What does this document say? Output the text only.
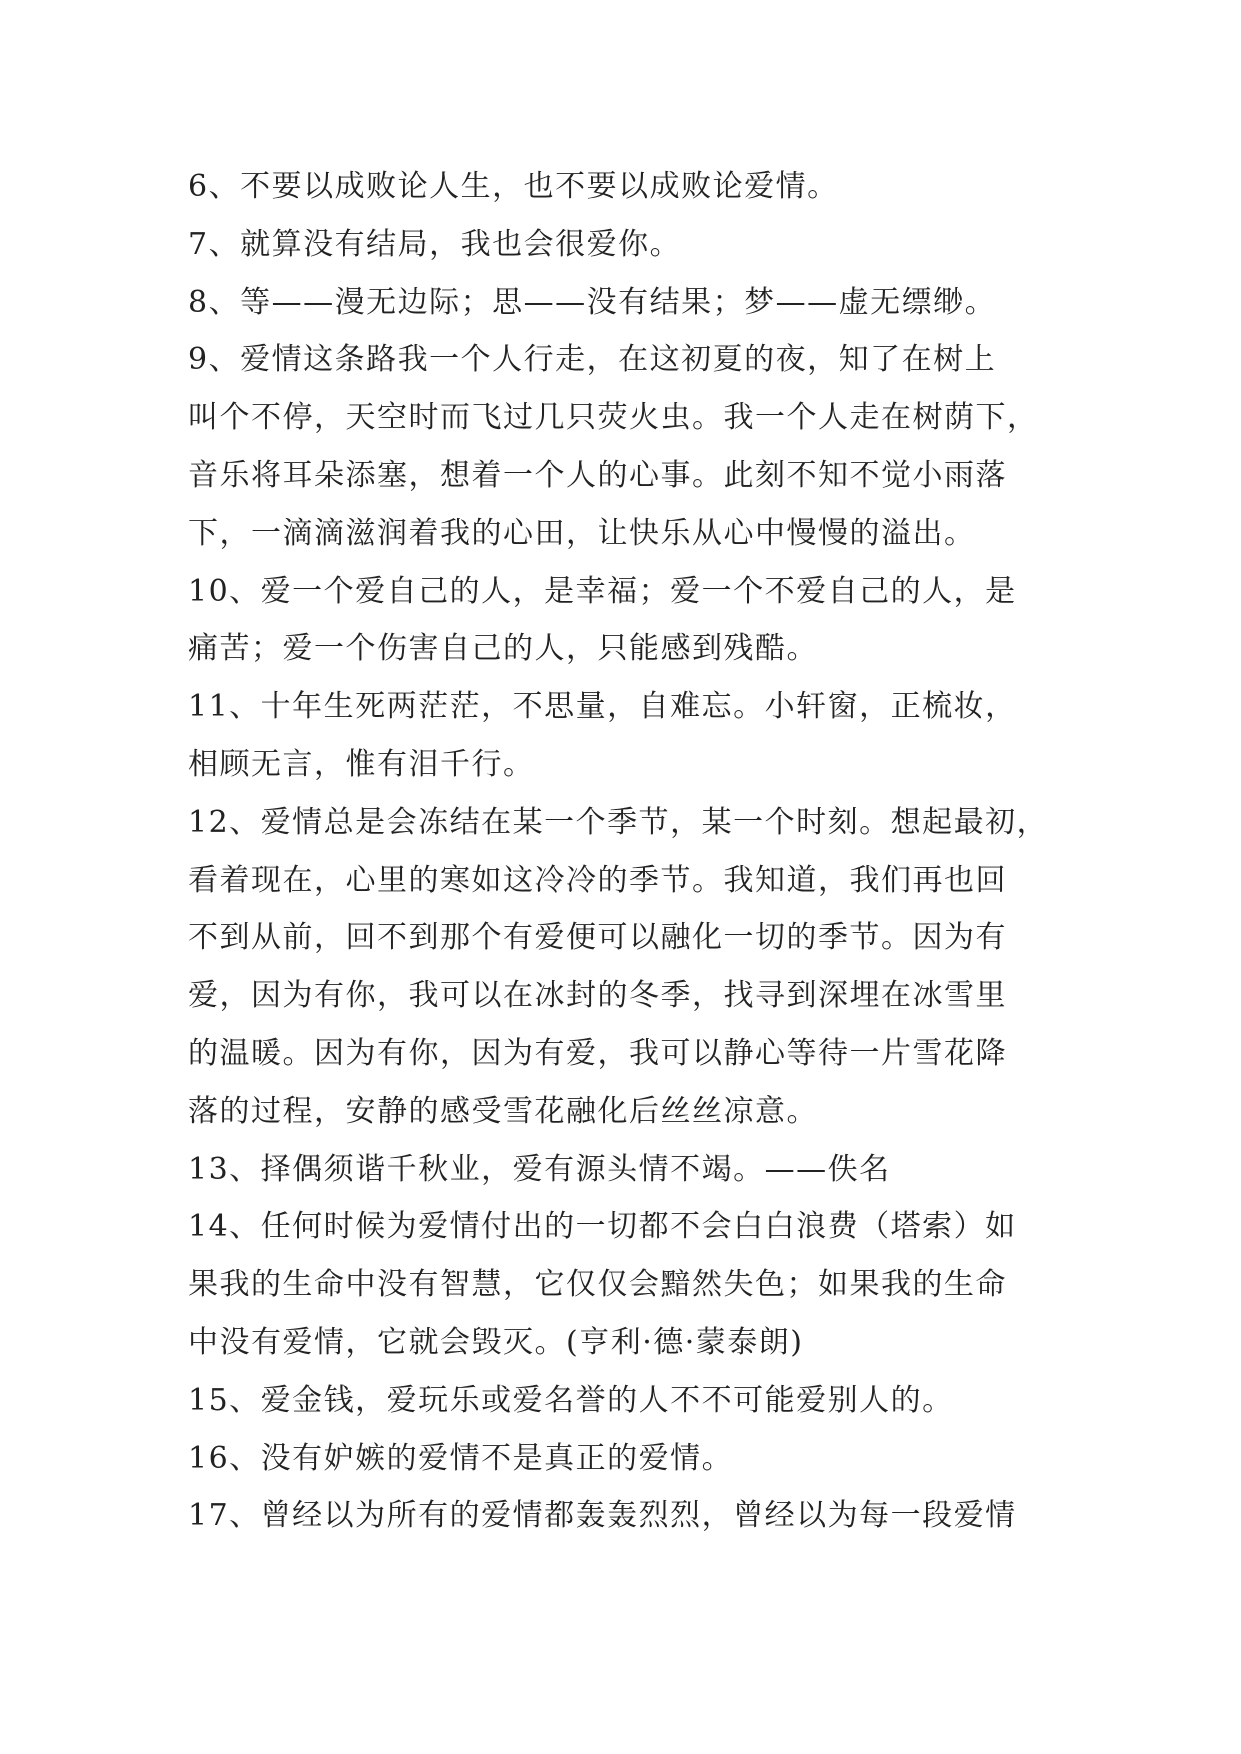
6、不要以成败论人生，也不要以成败论爱情。
7、就算没有结局，我也会很爱你。
8、等——漫无边际；思——没有结果；梦——虚无缥缈。
9、爱情这条路我一个人行走，在这初夏的夜，知了在树上
叫个不停，天空时而飞过几只荧火虫。我一个人走在树荫下，
音乐将耳朵添塞，想着一个人的心事。此刻不知不觉小雨落
下，一滴滴滋润着我的心田，让快乐从心中慢慢的溢出。
10、爱一个爱自己的人，是幸福；爱一个不爱自己的人，是
痛苦；爱一个伤害自己的人，只能感到残酷。
11、十年生死两茫茫，不思量，自难忘。小轩窗，正梳妆，
相顾无言，惟有泪千行。
12、爱情总是会冻结在某一个季节，某一个时刻。想起最初，
看着现在，心里的寒如这冷冷的季节。我知道，我们再也回
不到从前，回不到那个有爱便可以融化一切的季节。因为有
爱，因为有你，我可以在冰封的冬季，找寻到深埋在冰雪里
的温暖。因为有你，因为有爱，我可以静心等待一片雪花降
落的过程，安静的感受雪花融化后丝丝凉意。
13、择偶须谐千秋业，爱有源头情不竭。——佚名
14、任何时候为爱情付出的一切都不会白白浪费（塔索）如
果我的生命中没有智慧，它仅仅会黯然失色；如果我的生命
中没有爱情，它就会毁灭。(亨利·德·蒙泰朗)
15、爱金钱，爱玩乐或爱名誉的人不不可能爱别人的。
16、没有妒嫉的爱情不是真正的爱情。
17、曾经以为所有的爱情都轰轰烈烈，曾经以为每一段爱情
